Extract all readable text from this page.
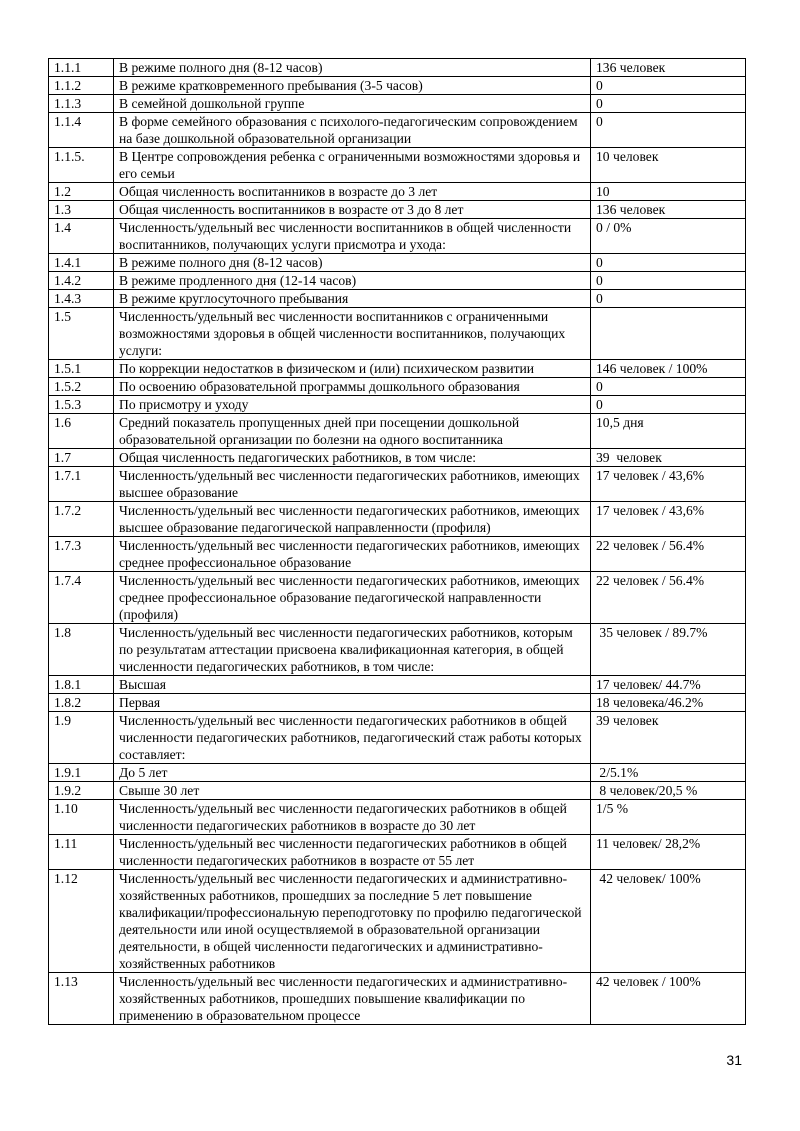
1.1.1	В режиме полного дня (8-12 часов)	136 человек
1.1.2	В режиме кратковременного пребывания (3-5 часов)	0
1.1.3	В семейной дошкольной группе	0
1.1.4	В форме семейного образования с психолого-педагогическим сопровождением на базе дошкольной образовательной организации	0
1.1.5.	В Центре сопровождения ребенка с ограниченными возможностями здоровья и его семьи	10 человек
1.2	Общая численность воспитанников в возрасте до 3 лет	10
1.3	Общая численность воспитанников в возрасте от 3 до 8 лет	136 человек
1.4	Численность/удельный вес численности воспитанников в общей численности воспитанников, получающих услуги присмотра и ухода:	0 / 0%
1.4.1	В режиме полного дня (8-12 часов)	0
1.4.2	В режиме продленного дня (12-14 часов)	0
1.4.3	В режиме круглосуточного пребывания	0
1.5	Численность/удельный вес численности воспитанников с ограниченными возможностями здоровья в общей численности воспитанников, получающих услуги:	
1.5.1	По коррекции недостатков в физическом и (или) психическом развитии	146 человек / 100%
1.5.2	По освоению образовательной программы дошкольного образования	0
1.5.3	По присмотру и уходу	0
1.6	Средний показатель пропущенных дней при посещении дошкольной образовательной организации по болезни на одного воспитанника	10,5 дня
1.7	Общая численность педагогических работников, в том числе:	39  человек
1.7.1	Численность/удельный вес численности педагогических работников, имеющих высшее образование	17 человек / 43,6%
1.7.2	Численность/удельный вес численности педагогических работников, имеющих высшее образование педагогической направленности (профиля)	17 человек / 43,6%
1.7.3	Численность/удельный вес численности педагогических работников, имеющих среднее профессиональное образование	22 человек / 56.4%
1.7.4	Численность/удельный вес численности педагогических работников, имеющих среднее профессиональное образование педагогической направленности (профиля)	22 человек / 56.4%
1.8	Численность/удельный вес численности педагогических работников, которым по результатам аттестации присвоена квалификационная категория, в общей численности педагогических работников, в том числе:	35 человек / 89.7%
1.8.1	Высшая	17 человек/ 44.7%
1.8.2	Первая	18 человека/46.2%
1.9	Численность/удельный вес численности педагогических работников в общей численности педагогических работников, педагогический стаж работы которых составляет:	39 человек
1.9.1	До 5 лет	2/5.1%
1.9.2	Свыше 30 лет	8 человек/20,5 %
1.10	Численность/удельный вес численности педагогических работников в общей численности педагогических работников в возрасте до 30 лет	1/5 %
1.11	Численность/удельный вес численности педагогических работников в общей численности педагогических работников в возрасте от 55 лет	11 человек/ 28,2%
1.12	Численность/удельный вес численности педагогических и административно-хозяйственных работников, прошедших за последние 5 лет повышение квалификации/профессиональную переподготовку по профилю педагогической деятельности или иной осуществляемой в образовательной организации деятельности, в общей численности педагогических и административно-хозяйственных работников	42 человек/ 100%
1.13	Численность/удельный вес численности педагогических и административно-хозяйственных работников, прошедших повышение квалификации по применению в образовательном процессе	42 человек / 100%
31
